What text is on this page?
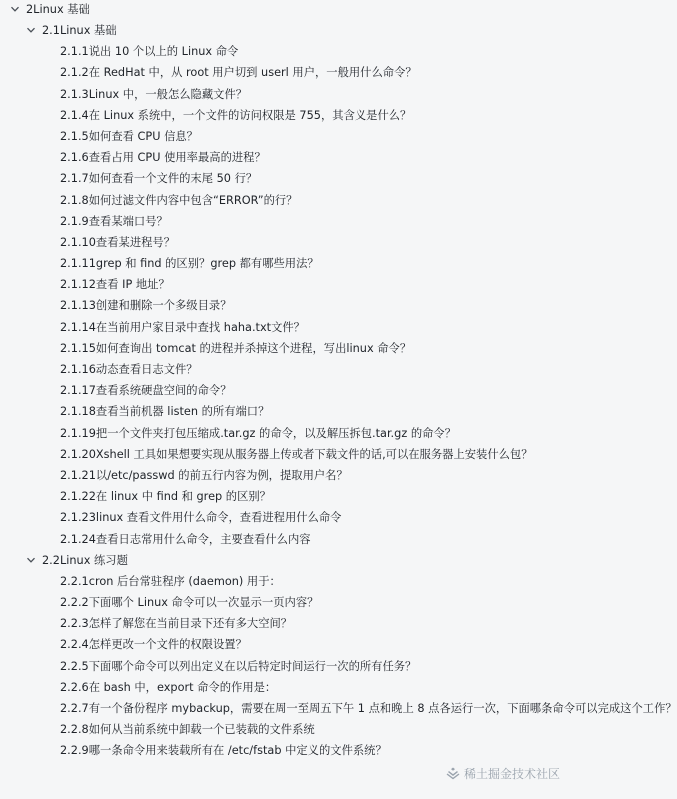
2Linux 基础
2.1Linux 基础
2.1.1说出 10 个以上的 Linux 命令
2.1.2在 RedHat 中，从 root 用户切到 userl 用户，一般用什么命令？
2.1.3Linux 中，一般怎么隐藏文件？
2.1.4在 Linux 系统中，一个文件的访问权限是 755，其含义是什么？
2.1.5如何查看 CPU 信息？
2.1.6查看占用 CPU 使用率最高的进程？
2.1.7如何查看一个文件的末尾 50 行？
2.1.8如何过滤文件内容中包含“ERROR”的行？
2.1.9查看某端口号？
2.1.10查看某进程号？
2.1.11grep 和 find 的区别？grep 都有哪些用法？
2.1.12查看 IP 地址？
2.1.13创建和删除一个多级目录？
2.1.14在当前用户家目录中查找 haha.txt文件？
2.1.15如何查询出 tomcat 的进程并杀掉这个进程，写出linux 命令？
2.1.16动态查看日志文件？
2.1.17查看系统硬盘空间的命令？
2.1.18查看当前机器 listen 的所有端口？
2.1.19把一个文件夹打包压缩成.tar.gz 的命令，以及解压拆包.tar.gz 的命令？
2.1.20Xshell 工具如果想要实现从服务器上传或者下载文件的话,可以在服务器上安装什么包？
2.1.21以/etc/passwd 的前五行内容为例，提取用户名？
2.1.22在 linux 中 find 和 grep 的区别？
2.1.23linux 查看文件用什么命令，查看进程用什么命令
2.1.24查看日志常用什么命令，主要查看什么内容
2.2Linux 练习题
2.2.1cron 后台常驻程序 (daemon) 用于：
2.2.2下面哪个 Linux 命令可以一次显示一页内容？
2.2.3怎样了解您在当前目录下还有多大空间？
2.2.4怎样更改一个文件的权限设置？
2.2.5下面哪个命令可以列出定义在以后特定时间运行一次的所有任务？
2.2.6在 bash 中，export 命令的作用是：
2.2.7有一个备份程序 mybackup，需要在周一至周五下午 1 点和晚上 8 点各运行一次，下面哪条命令可以完成这个工作？
2.2.8如何从当前系统中卸载一个已装载的文件系统
2.2.9哪一条命令用来装载所有在 /etc/fstab 中定义的文件系统？
稀土掘金技术社区
